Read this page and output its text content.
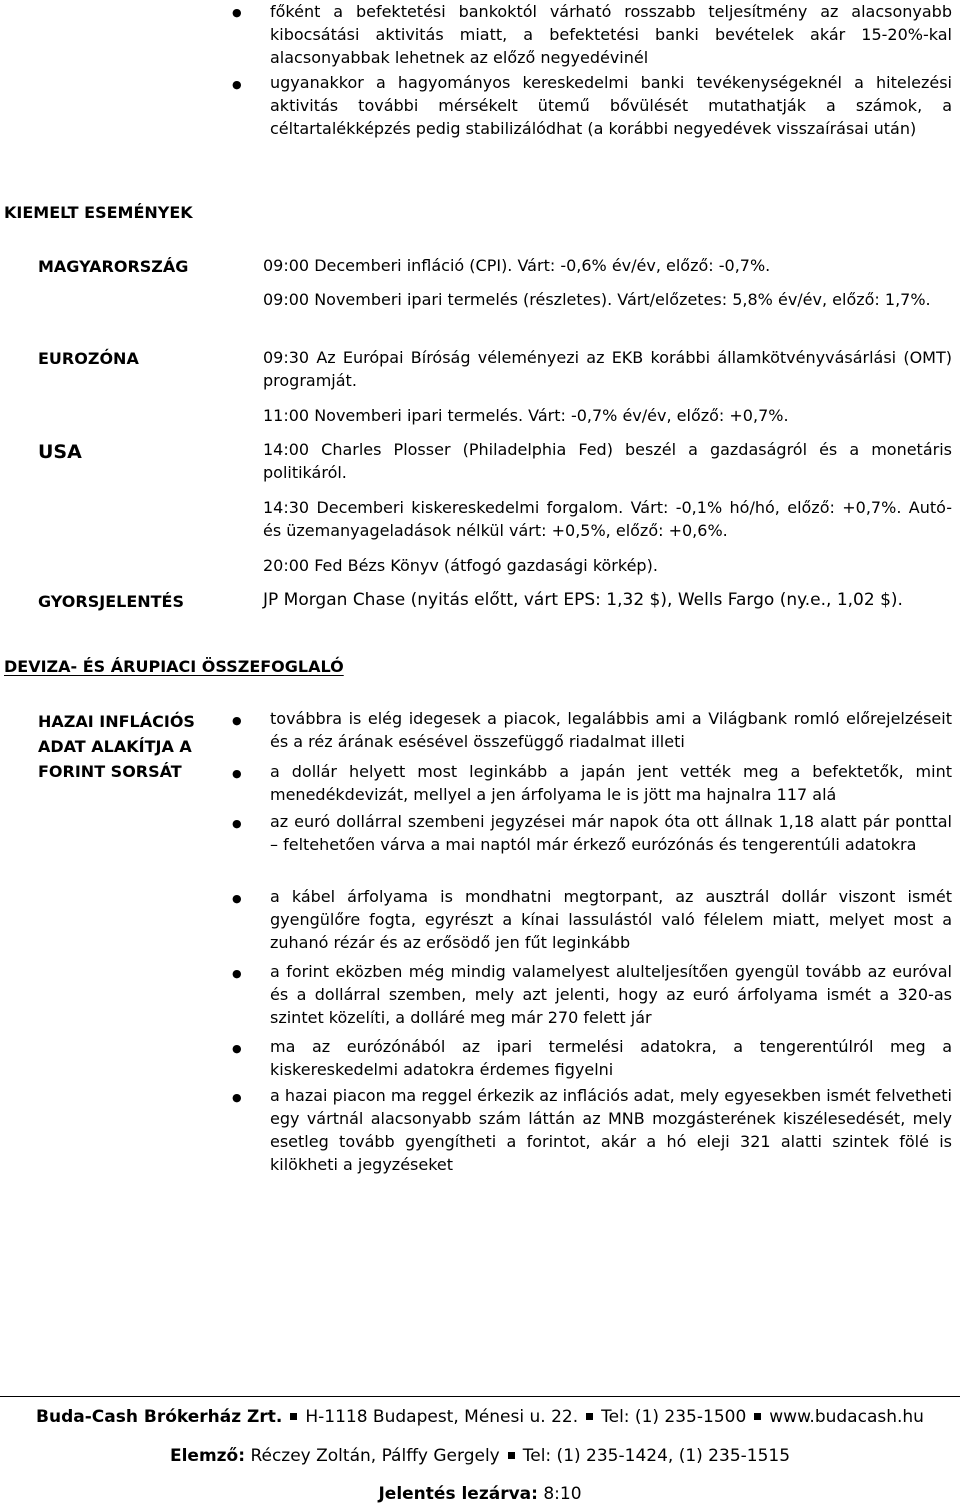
● főként a befektetési bankoktól várható rosszabb teljesítmény az alacsonyabb kibocsátási aktivitás miatt, a befektetési banki bevételek akár 15-20%-kal alacsonyabbak lehetnek az előző negyedévinél
● ugyanakkor a hagyományos kereskedelmi banki tevékenységeknél a hitelezési aktivitás további mérsékelt ütemű bővülését mutathatják a számok, a céltartalékképzés pedig stabilizálódhat (a korábbi negyedévek visszaírásai után)
KIEMELT ESEMÉNYEK
MAGYARORSZÁG
EUROZÓNA
USA
GYORSJELENTÉS
09:00 Decemberi infláció (CPI). Várt: -0,6% év/év, előző: -0,7%.
09:00 Novemberi ipari termelés (részletes). Várt/előzetes: 5,8% év/év, előző: 1,7%.
09:30 Az Európai Bíróság véleményezi az EKB korábbi államkötvényvásárlási (OMT) programját.
11:00 Novemberi ipari termelés. Várt: -0,7% év/év, előző: +0,7%.
14:00 Charles Plosser (Philadelphia Fed) beszél a gazdaságról és a monetáris politikáról.
14:30 Decemberi kiskereskedelmi forgalom. Várt: -0,1% hó/hó, előző: +0,7%. Autó- és üzemanyageladások nélkül várt: +0,5%, előző: +0,6%.
20:00 Fed Bézs Könyv (átfogó gazdasági körkép).
JP Morgan Chase (nyitás előtt, várt EPS: 1,32 $), Wells Fargo (ny.e., 1,02 $).
DEVIZA- ÉS ÁRUPIACI ÖSSZEFOGLALÓ
HAZAI INFLÁCIÓS
ADAT ALAKÍTJA A
FORINT SORSÁT
● továbbra is elég idegesek a piacok, legalábbis ami a Világbank romló előrejelzéseit és a réz árának esésével összefüggő riadalmat illeti
● a dollár helyett most leginkább a japán jent vették meg a befektetők, mint menedékdevizát, mellyel a jen árfolyama le is jött ma hajnalra 117 alá
● az euró dollárral szembeni jegyzései már napok óta ott állnak 1,18 alatt pár ponttal – feltehetően várva a mai naptól már érkező eurózónás és tengerentúli adatokra
● a kábel árfolyama is mondhatni megtorpant, az ausztrál dollár viszont ismét gyengülőre fogta, egyrészt a kínai lassulástól való félelem miatt, melyet most a zuhanó rézár és az erősödő jen fűt leginkább
● a forint eközben még mindig valamelyest alulteljesítően gyengül tovább az euróval és a dollárral szemben, mely azt jelenti, hogy az euró árfolyama ismét a 320-as szintet közelíti, a dolláré meg már 270 felett jár
● ma az eurózónából az ipari termelési adatokra, a tengerentúlról meg a kiskereskedelmi adatokra érdemes figyelni
● a hazai piacon ma reggel érkezik az inflációs adat, mely egyesekben ismét felvetheti egy vártnál alacsonyabb szám láttán az MNB mozgásterének kiszélesedését, mely esetleg tovább gyengítheti a forintot, akár a hó eleji 321 alatti szintek fölé is kilökheti a jegyzéseket
Buda-Cash Brókerház Zrt. H-1118 Budapest, Ménesi u. 22. Tel: (1) 235-1500 www.budacash.hu
Elemző: Réczey Zoltán, Pálffy Gergely Tel: (1) 235-1424, (1) 235-1515
Jelentés lezárva: 8:10
